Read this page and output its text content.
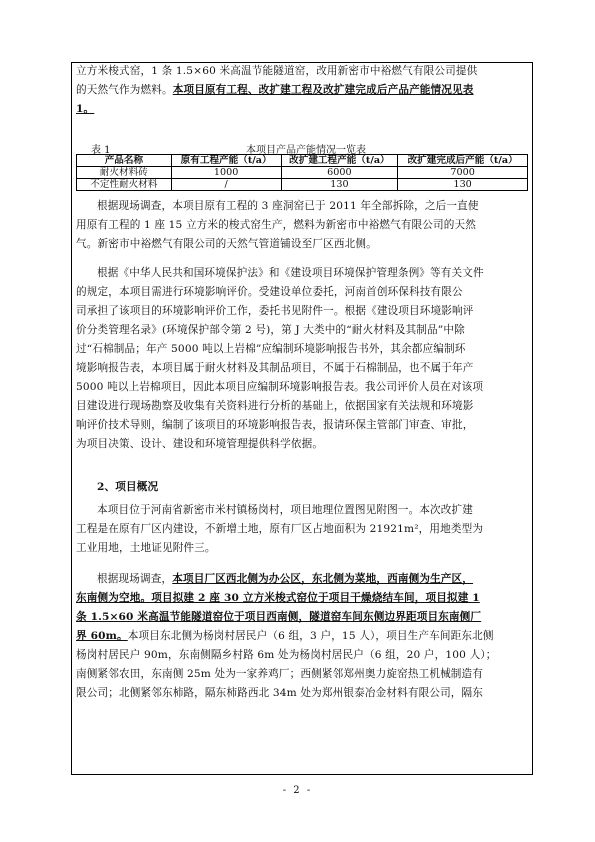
立方米梭式窑，1 条 1.5×60 米高温节能隧道窑，改用新密市中裕燃气有限公司提供
的天然气作为燃料。本项目原有工程、改扩建工程及改扩建完成后产品产能情况见表
1。
表 1	本项目产品产能情况一览表
产品名称	原有工程产能（t/a）	改扩建工程产能（t/a）	改扩建完成后产能（t/a）
耐火材料砖	1000	6000	7000
不定性耐火材料	/	130	130
根据现场调查，本项目原有工程的 3 座洞窑已于 2011 年全部拆除，之后一直使
用原有工程的 1 座 15 立方米的梭式窑生产，燃料为新密市中裕燃气有限公司的天然
气。新密市中裕燃气有限公司的天然气管道铺设至厂区西北侧。
根据《中华人民共和国环境保护法》和《建设项目环境保护管理条例》等有关文件
的规定，本项目需进行环境影响评价。受建设单位委托，河南首创环保科技有限公
司承担了该项目的环境影响评价工作，委托书见附件一。根据《建设项目环境影响评
价分类管理名录》(环境保护部令第 2 号)，第 J 大类中的“耐火材料及其制品”中除
过“石棉制品；年产 5000 吨以上岩棉”应编制环境影响报告书外，其余都应编制环
境影响报告表，本项目属于耐火材料及其制品项目，不属于石棉制品，也不属于年产
5000 吨以上岩棉项目，因此本项目应编制环境影响报告表。我公司评价人员在对该项
目建设进行现场勘察及收集有关资料进行分析的基础上，依据国家有关法规和环境影
响评价技术导则，编制了该项目的环境影响报告表，报请环保主管部门审查、审批，
为项目决策、设计、建设和环境管理提供科学依据。
2、项目概况
本项目位于河南省新密市米村镇杨岗村，项目地理位置图见附图一。本次改扩建
工程是在原有厂区内建设，不新增土地，原有厂区占地面积为 21921m²，用地类型为
工业用地，土地证见附件三。
根据现场调查，本项目厂区西北侧为办公区，东北侧为菜地，西南侧为生产区，
东南侧为空地。项目拟建 2 座 30 立方米梭式窑位于项目干燥烧结车间，项目拟建 1
条 1.5×60 米高温节能隧道窑位于项目西南侧，隧道窑车间东侧边界距项目东南侧厂
界 60m。本项目东北侧为杨岗村居民户（6 组，3 户，15 人），项目生产车间距东北侧
杨岗村居民户 90m，东南侧隔乡村路 6m 处为杨岗村居民户（6 组，20 户，100 人）；
南侧紧邻农田，东南侧 25m 处为一家养鸡厂；西侧紧邻郑州奥力旋窑热工机械制造有
限公司；北侧紧邻东柿路，隔东柿路西北 34m 处为郑州银泰冶金材料有限公司，隔东
- 2 -
